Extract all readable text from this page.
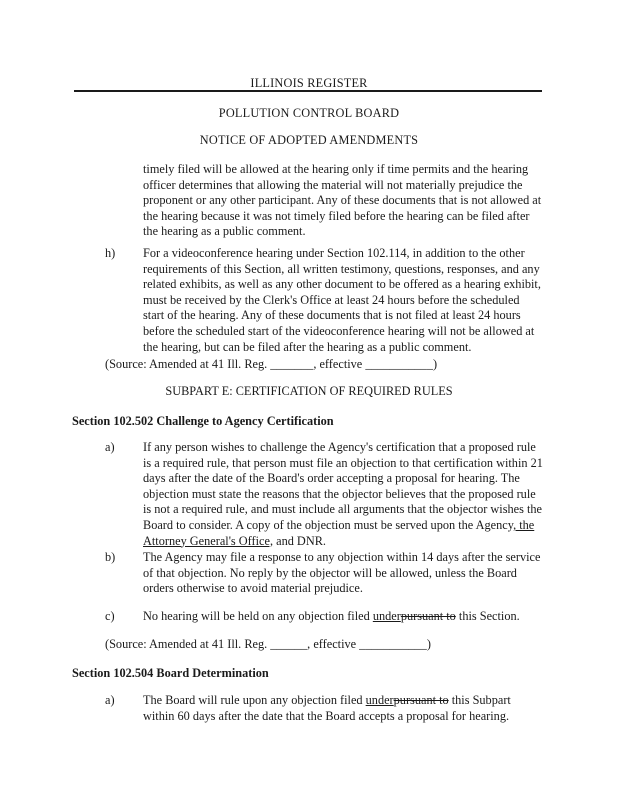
ILLINOIS REGISTER
POLLUTION CONTROL BOARD
NOTICE OF ADOPTED AMENDMENTS
timely filed will be allowed at the hearing only if time permits and the hearing officer determines that allowing the material will not materially prejudice the proponent or any other participant. Any of these documents that is not allowed at the hearing because it was not timely filed before the hearing can be filed after the hearing as a public comment.
h) For a videoconference hearing under Section 102.114, in addition to the other requirements of this Section, all written testimony, questions, responses, and any related exhibits, as well as any other document to be offered as a hearing exhibit, must be received by the Clerk's Office at least 24 hours before the scheduled start of the hearing. Any of these documents that is not filed at least 24 hours before the scheduled start of the videoconference hearing will not be allowed at the hearing, but can be filed after the hearing as a public comment.
(Source: Amended at 41 Ill. Reg. _______, effective ___________)
SUBPART E: CERTIFICATION OF REQUIRED RULES
Section 102.502 Challenge to Agency Certification
a) If any person wishes to challenge the Agency's certification that a proposed rule is a required rule, that person must file an objection to that certification within 21 days after the date of the Board's order accepting a proposal for hearing. The objection must state the reasons that the objector believes that the proposed rule is not a required rule, and must include all arguments that the objector wishes the Board to consider. A copy of the objection must be served upon the Agency, the Attorney General's Office, and DNR.
b) The Agency may file a response to any objection within 14 days after the service of that objection. No reply by the objector will be allowed, unless the Board orders otherwise to avoid material prejudice.
c) No hearing will be held on any objection filed underpursuant to this Section.
(Source: Amended at 41 Ill. Reg. ______, effective ___________)
Section 102.504 Board Determination
a) The Board will rule upon any objection filed underpursuant to this Subpart within 60 days after the date that the Board accepts a proposal for hearing.
